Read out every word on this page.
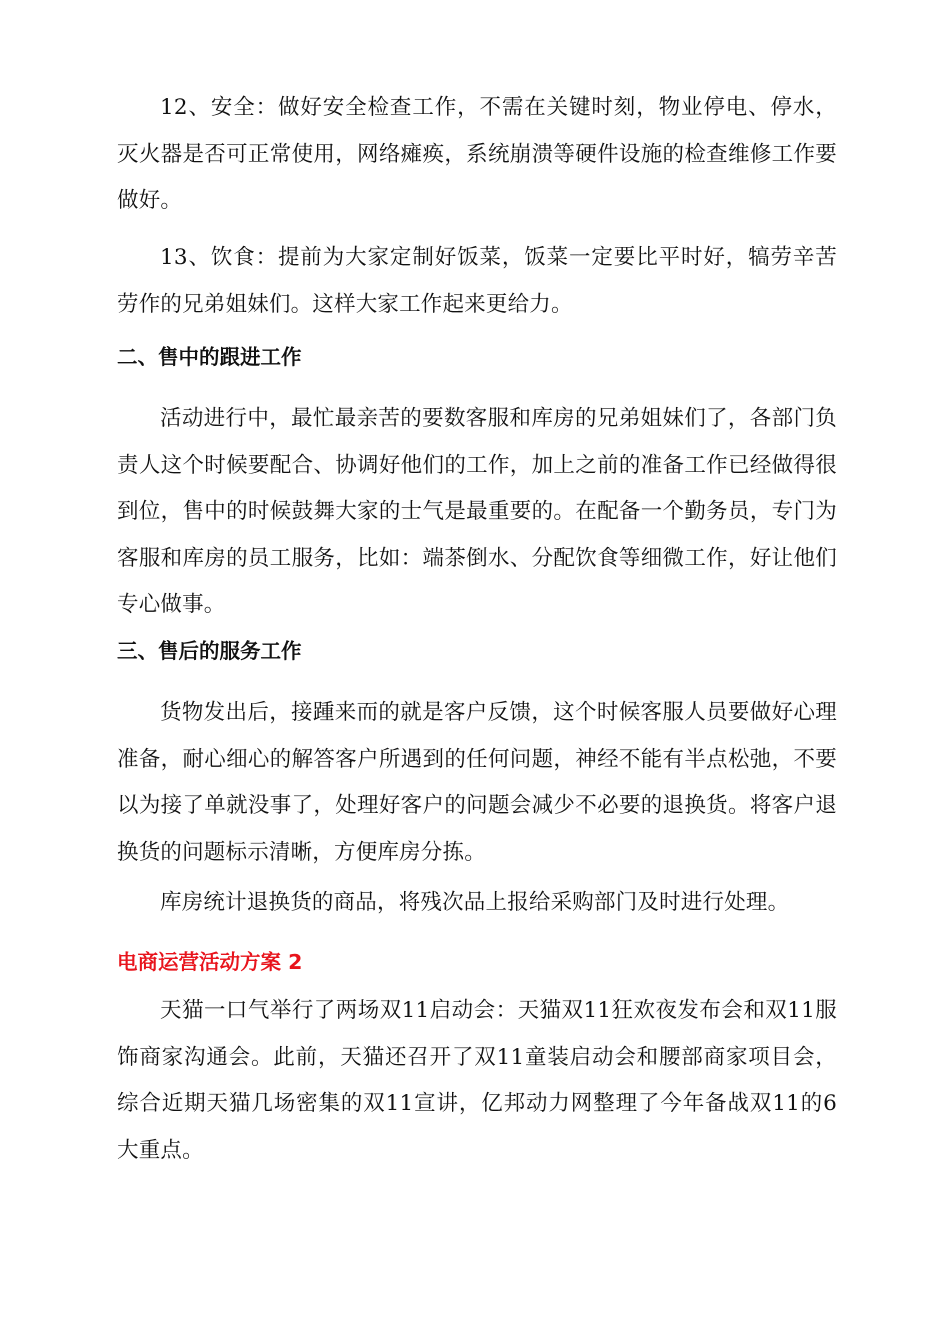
12、安全：做好安全检查工作，不需在关键时刻，物业停电、停水，灭火器是否可正常使用，网络瘫痪，系统崩溃等硬件设施的检查维修工作要做好。

13、饮食：提前为大家定制好饭菜，饭菜一定要比平时好，犒劳辛苦劳作的兄弟姐妹们。这样大家工作起来更给力。

二、售中的跟进工作

活动进行中，最忙最亲苦的要数客服和库房的兄弟姐妹们了，各部门负责人这个时候要配合、协调好他们的工作，加上之前的准备工作已经做得很到位，售中的时候鼓舞大家的士气是最重要的。在配备一个勤务员，专门为客服和库房的员工服务，比如：端茶倒水、分配饮食等细微工作，好让他们专心做事。

三、售后的服务工作

货物发出后，接踵来而的就是客户反馈，这个时候客服人员要做好心理准备，耐心细心的解答客户所遇到的任何问题，神经不能有半点松弛，不要以为接了单就没事了，处理好客户的问题会减少不必要的退换货。将客户退换货的问题标示清晰，方便库房分拣。

库房统计退换货的商品，将残次品上报给采购部门及时进行处理。

电商运营活动方案 2

天猫一口气举行了两场双11启动会：天猫双11狂欢夜发布会和双11服饰商家沟通会。此前，天猫还召开了双11童装启动会和腰部商家项目会，综合近期天猫几场密集的双11宣讲，亿邦动力网整理了今年备战双11的6大重点。
